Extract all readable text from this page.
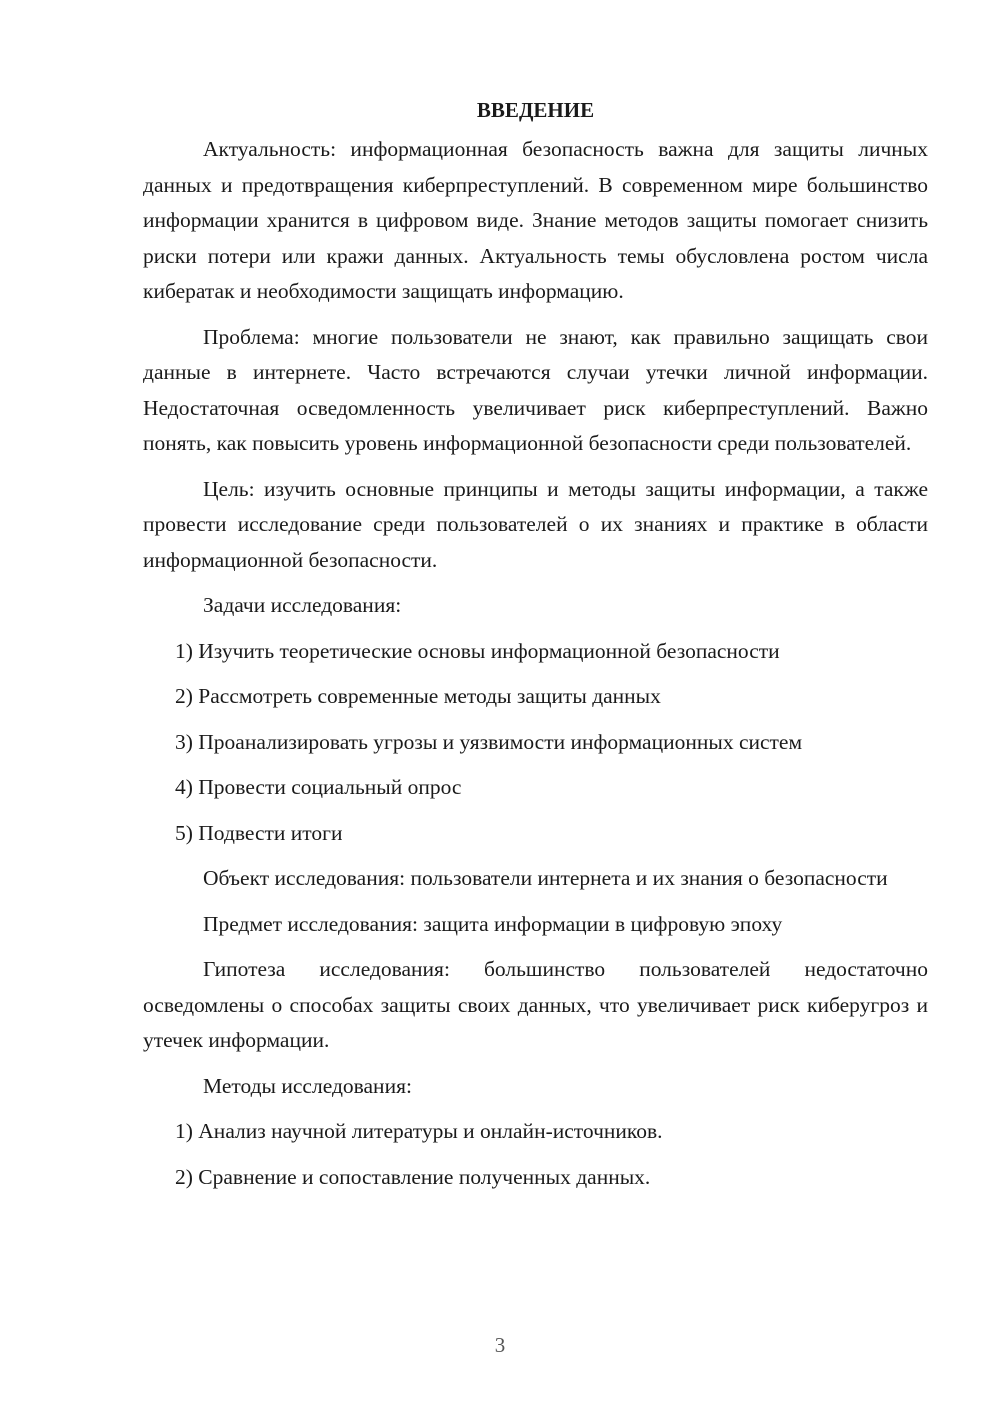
ВВЕДЕНИЕ

Актуальность: информационная безопасность важна для защиты личных данных и предотвращения киберпреступлений. В современном мире большинство информации хранится в цифровом виде. Знание методов защиты помогает снизить риски потери или кражи данных. Актуальность темы обусловлена ростом числа кибератак и необходимости защищать информацию.

Проблема: многие пользователи не знают, как правильно защищать свои данные в интернете. Часто встречаются случаи утечки личной информации. Недостаточная осведомленность увеличивает риск киберпреступлений. Важно понять, как повысить уровень информационной безопасности среди пользователей.

Цель: изучить основные принципы и методы защиты информации, а также провести исследование среди пользователей о их знаниях и практике в области информационной безопасности.

Задачи исследования:

1) Изучить теоретические основы информационной безопасности
2) Рассмотреть современные методы защиты данных
3) Проанализировать угрозы и уязвимости информационных систем
4) Провести социальный опрос
5) Подвести итоги

Объект исследования: пользователи интернета и их знания о безопасности

Предмет исследования: защита информации в цифровую эпоху

Гипотеза исследования: большинство пользователей недостаточно осведомлены о способах защиты своих данных, что увеличивает риск киберугроз и утечек информации.

Методы исследования:

1) Анализ научной литературы и онлайн-источников.
2) Сравнение и сопоставление полученных данных.
3
